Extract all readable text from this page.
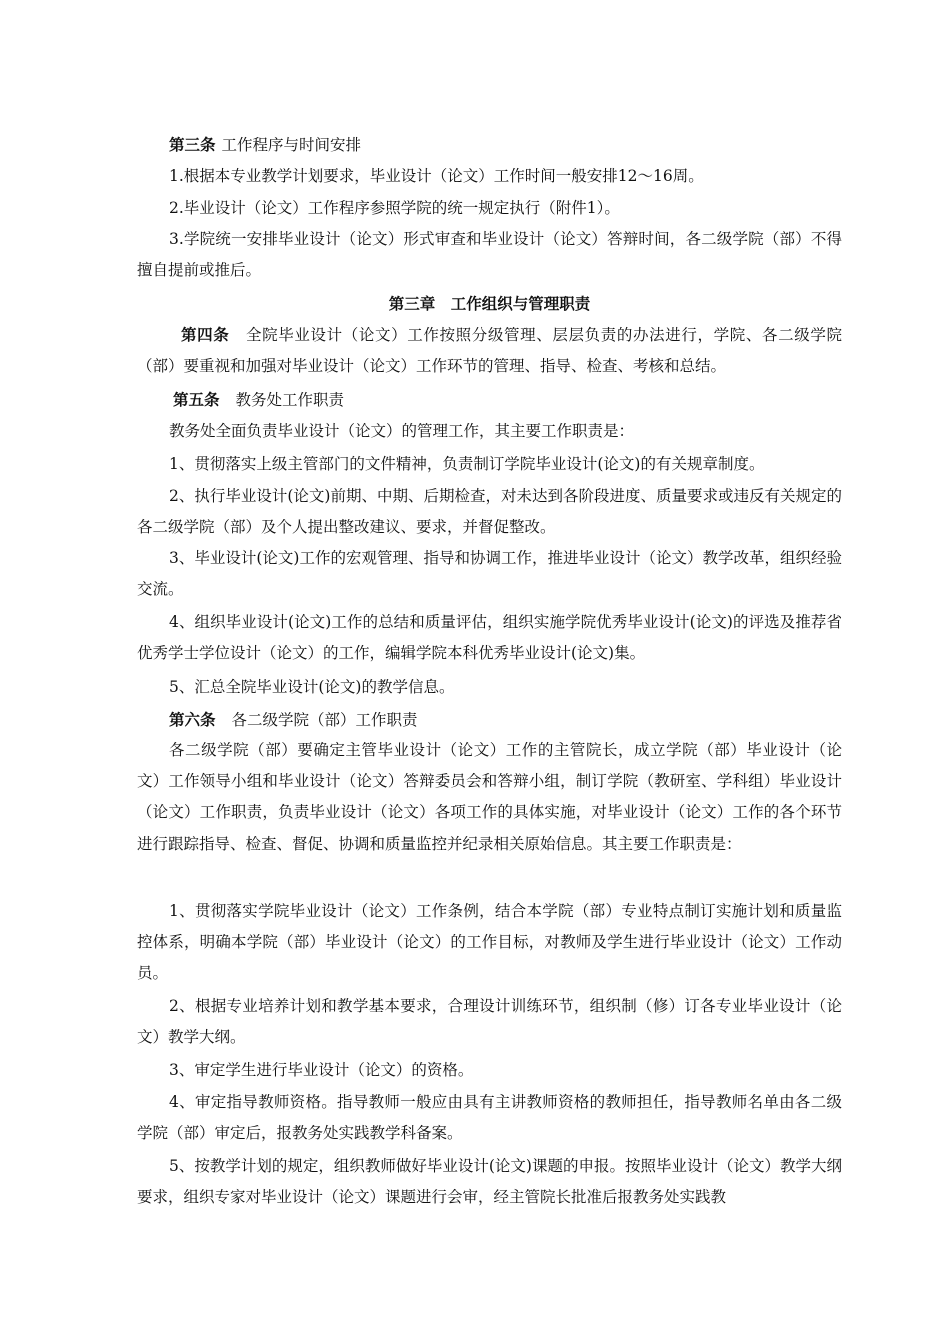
第三条 工作程序与时间安排

1.根据本专业教学计划要求，毕业设计（论文）工作时间一般安排12～16周。

2.毕业设计（论文）工作程序参照学院的统一规定执行（附件1）。

3.学院统一安排毕业设计（论文）形式审查和毕业设计（论文）答辩时间，各二级学院（部）不得擅自提前或推后。

第三章　工作组织与管理职责

第四条 全院毕业设计（论文）工作按照分级管理、层层负责的办法进行，学院、各二级学院（部）要重视和加强对毕业设计（论文）工作环节的管理、指导、检查、考核和总结。

第五条 教务处工作职责

教务处全面负责毕业设计（论文）的管理工作，其主要工作职责是：

1、贯彻落实上级主管部门的文件精神，负责制订学院毕业设计(论文)的有关规章制度。

2、执行毕业设计(论文)前期、中期、后期检查，对未达到各阶段进度、质量要求或违反有关规定的各二级学院（部）及个人提出整改建议、要求，并督促整改。

3、毕业设计(论文)工作的宏观管理、指导和协调工作，推进毕业设计（论文）教学改革，组织经验交流。

4、组织毕业设计(论文)工作的总结和质量评估，组织实施学院优秀毕业设计(论文)的评选及推荐省优秀学士学位设计（论文）的工作，编辑学院本科优秀毕业设计(论文)集。

5、汇总全院毕业设计(论文)的教学信息。

第六条 各二级学院（部）工作职责

各二级学院（部）要确定主管毕业设计（论文）工作的主管院长，成立学院（部）毕业设计（论文）工作领导小组和毕业设计（论文）答辩委员会和答辩小组，制订学院（教研室、学科组）毕业设计（论文）工作职责，负责毕业设计（论文）各项工作的具体实施，对毕业设计（论文）工作的各个环节进行跟踪指导、检查、督促、协调和质量监控并纪录相关原始信息。其主要工作职责是：

1、贯彻落实学院毕业设计（论文）工作条例，结合本学院（部）专业特点制订实施计划和质量监控体系，明确本学院（部）毕业设计（论文）的工作目标，对教师及学生进行毕业设计（论文）工作动员。

2、根据专业培养计划和教学基本要求，合理设计训练环节，组织制（修）订各专业毕业设计（论文）教学大纲。

3、审定学生进行毕业设计（论文）的资格。

4、审定指导教师资格。指导教师一般应由具有主讲教师资格的教师担任，指导教师名单由各二级学院（部）审定后，报教务处实践教学科备案。

5、按教学计划的规定，组织教师做好毕业设计(论文)课题的申报。按照毕业设计（论文）教学大纲要求，组织专家对毕业设计（论文）课题进行会审，经主管院长批准后报教务处实践教
